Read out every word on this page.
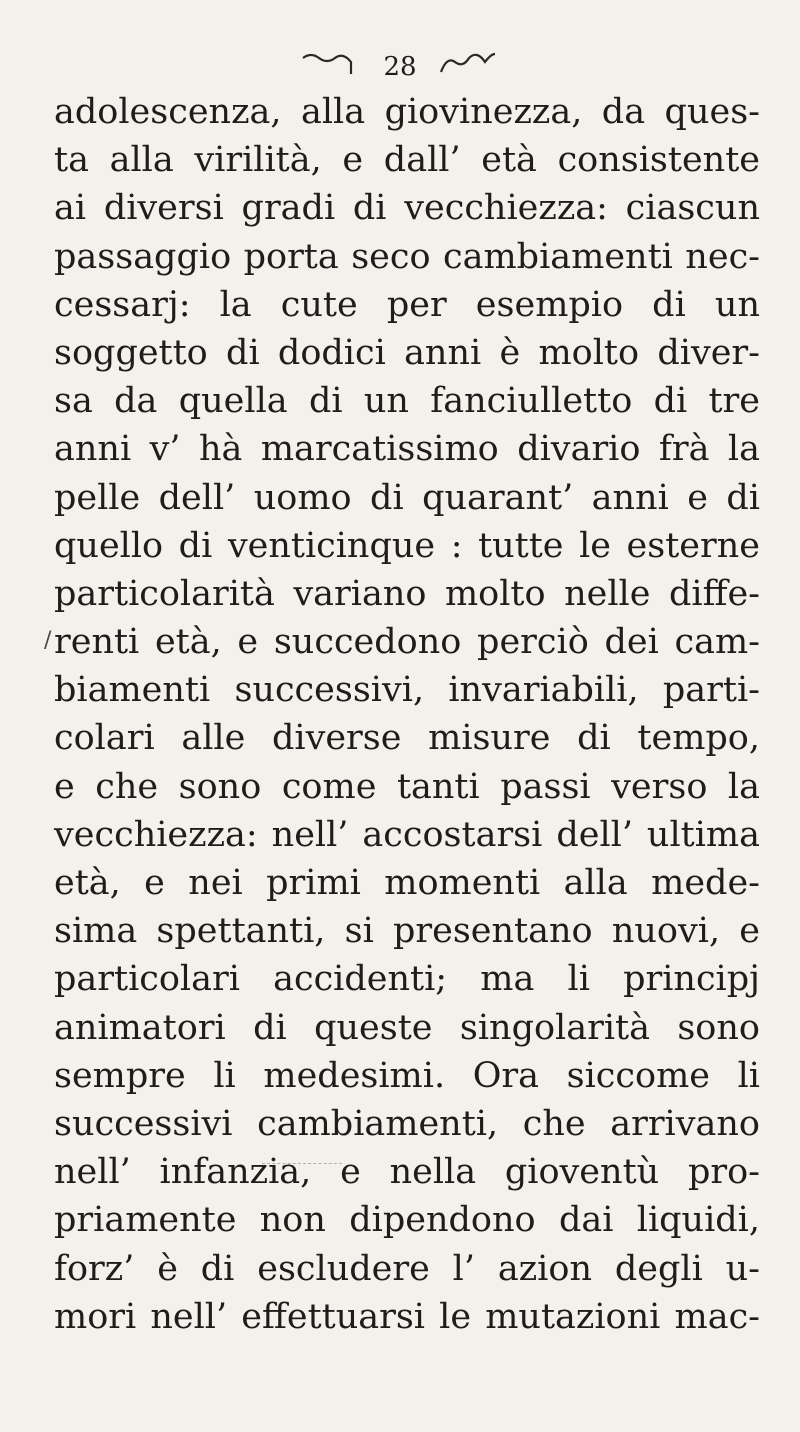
28
/
adolescenza, alla giovinezza, da ques-
ta alla virilità, e dall’ età consistente
ai diversi gradi di vecchiezza: ciascun
passaggio porta seco cambiamenti nec-
cessarj: la cute per esempio di un
soggetto di dodici anni è molto diver-
sa da quella di un fanciulletto di tre
anni v’ hà marcatissimo divario frà la
pelle dell’ uomo di quarant’ anni e di
quello di venticinque : tutte le esterne
particolarità variano molto nelle diffe-
renti età, e succedono perciò dei cam-
biamenti successivi, invariabili, parti-
colari alle diverse misure di tempo,
e che sono come tanti passi verso la
vecchiezza: nell’ accostarsi dell’ ultima
età, e nei primi momenti alla mede-
sima spettanti, si presentano nuovi, e
particolari accidenti; ma li principj
animatori di queste singolarità sono
sempre li medesimi. Ora siccome li
successivi cambiamenti, che arrivano
nell’ infanzia, e nella gioventù pro-
priamente non dipendono dai liquidi,
forz’ è di escludere l’ azion degli u-
mori nell’ effettuarsi le mutazioni mac-
